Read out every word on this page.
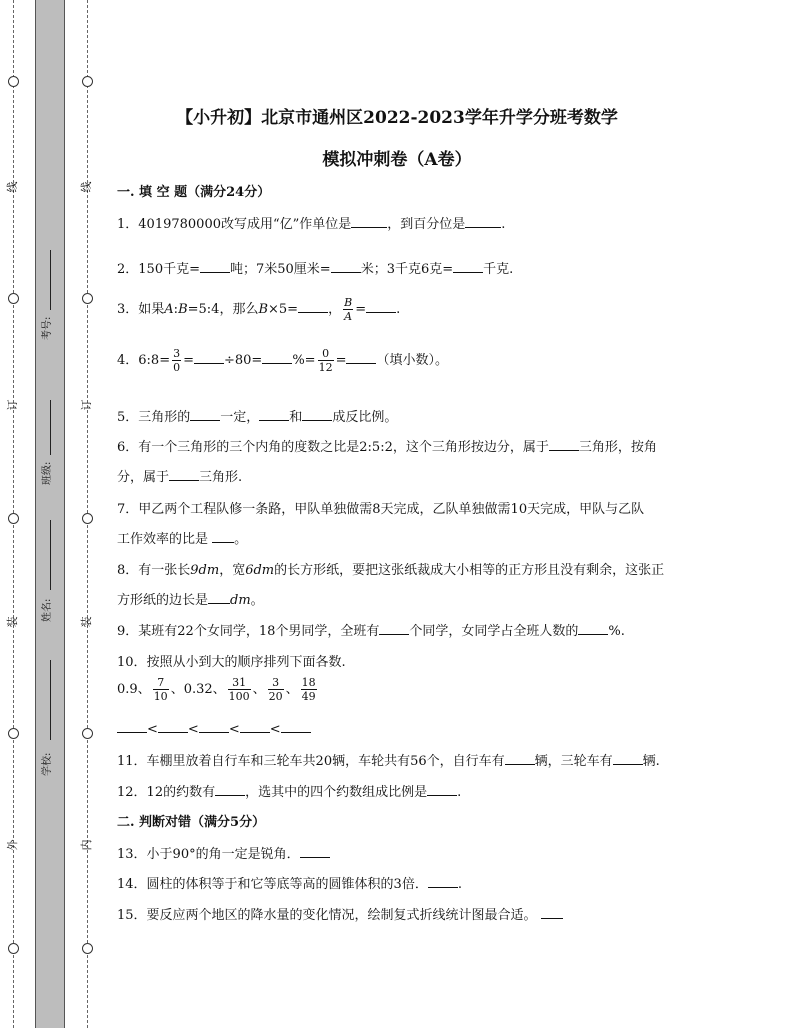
线
订
装
外
线
订
装
内
考号:
班级:
姓名:
学校:
【小升初】北京市通州区2022-2023学年升学分班考数学
模拟冲刺卷（A卷）
一. 填 空 题（满分24分）
1．4019780000改写成用“亿”作单位是	，到百分位是	.
2．150千克= 吨；7米50厘米= 米；3千克6克= 千克.
3．如果A:B=5:4，那么B×5= ， $\frac{B}{A}$ = .
4．6:8= $\frac{3}{0} = \div 80=$ %= $\frac{0}{12}$ = （填小数）。
5．三角形的 一定， 和 成反比例。
6．有一个三角形的三个内角的度数之比是2:5:2，这个三角形按边分，属于 三角形，按角
分，属于 三角形.
7．甲乙两个工程队修一条路，甲队单独做需8天完成，乙队单独做需10天完成，甲队与乙队
工作效率的比是 。
8．有一张长9dm，宽6dm的长方形纸，要把这张纸裁成大小相等的正方形且没有剩余，这张正
方形纸的边长是 dm。
9．某班有22个女同学，18个男同学，全班有 个同学，女同学占全班人数的 %.
10．按照从小到大的顺序排列下面各数.
0.9、 $\frac{7}{10}$ 、0.32、 $\frac{31}{100}$ 、 $\frac{3}{20}$ 、 $\frac{18}{49}$
< < < <
11．车棚里放着自行车和三轮车共20辆，车轮共有56个，自行车有 辆，三轮车有 辆.
12．12的约数有 ，选其中的四个约数组成比例是 .
二. 判断对错（满分5分）
13．小于90°的角一定是锐角．
14．圆柱的体积等于和它等底等高的圆锥体积的3倍． .
15．要反应两个地区的降水量的变化情况，绘制复式折线统计图最合适。
